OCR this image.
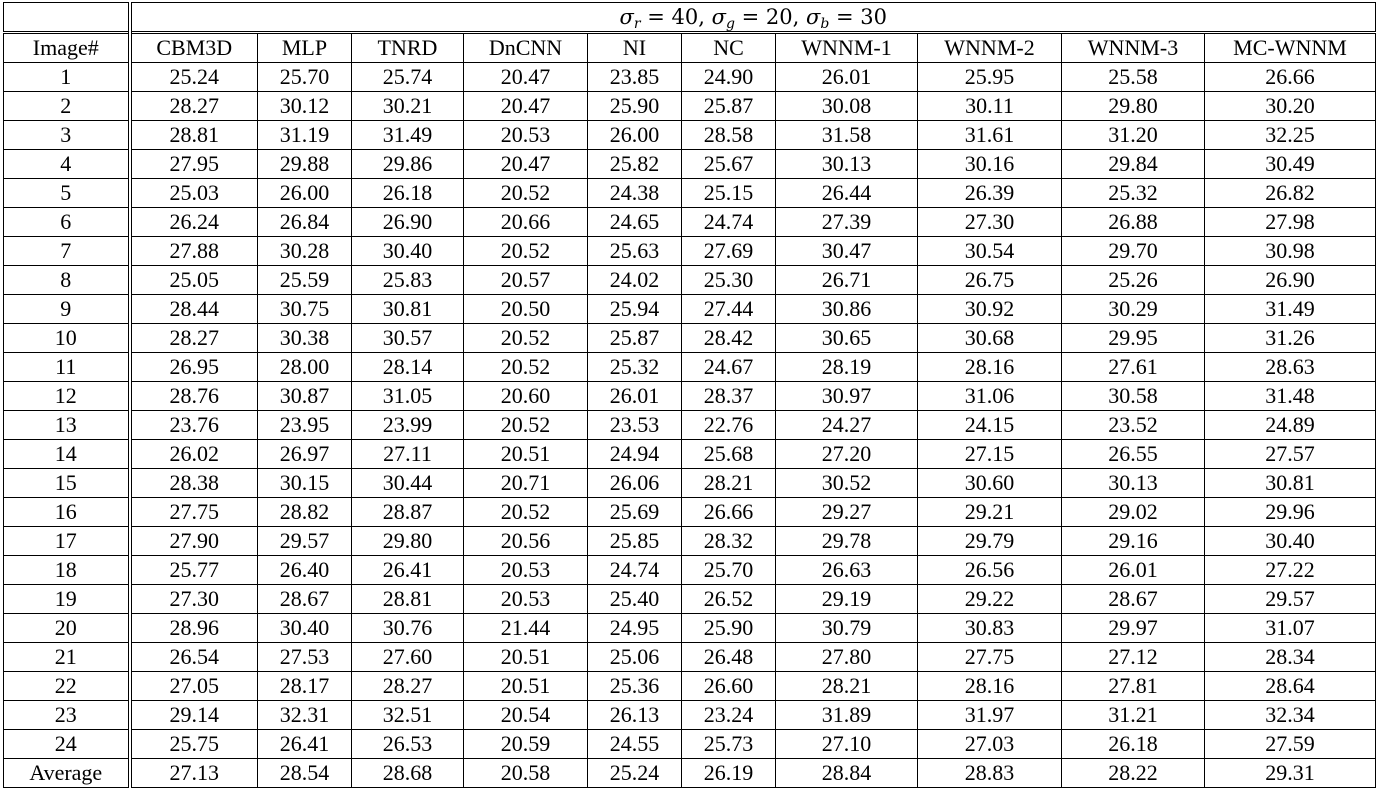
	$\sigma_r = 40$, $\sigma_g = 20$, $\sigma_b = 30$									
Image#	CBM3D	MLP	TNRD	DnCNN	NI	NC	WNNM-1	WNNM-2	WNNM-3	MC-WNNM
1	25.24	25.70	25.74	20.47	23.85	24.90	26.01	25.95	25.58	26.66
2	28.27	30.12	30.21	20.47	25.90	25.87	30.08	30.11	29.80	30.20
3	28.81	31.19	31.49	20.53	26.00	28.58	31.58	31.61	31.20	32.25
4	27.95	29.88	29.86	20.47	25.82	25.67	30.13	30.16	29.84	30.49
5	25.03	26.00	26.18	20.52	24.38	25.15	26.44	26.39	25.32	26.82
6	26.24	26.84	26.90	20.66	24.65	24.74	27.39	27.30	26.88	27.98
7	27.88	30.28	30.40	20.52	25.63	27.69	30.47	30.54	29.70	30.98
8	25.05	25.59	25.83	20.57	24.02	25.30	26.71	26.75	25.26	26.90
9	28.44	30.75	30.81	20.50	25.94	27.44	30.86	30.92	30.29	31.49
10	28.27	30.38	30.57	20.52	25.87	28.42	30.65	30.68	29.95	31.26
11	26.95	28.00	28.14	20.52	25.32	24.67	28.19	28.16	27.61	28.63
12	28.76	30.87	31.05	20.60	26.01	28.37	30.97	31.06	30.58	31.48
13	23.76	23.95	23.99	20.52	23.53	22.76	24.27	24.15	23.52	24.89
14	26.02	26.97	27.11	20.51	24.94	25.68	27.20	27.15	26.55	27.57
15	28.38	30.15	30.44	20.71	26.06	28.21	30.52	30.60	30.13	30.81
16	27.75	28.82	28.87	20.52	25.69	26.66	29.27	29.21	29.02	29.96
17	27.90	29.57	29.80	20.56	25.85	28.32	29.78	29.79	29.16	30.40
18	25.77	26.40	26.41	20.53	24.74	25.70	26.63	26.56	26.01	27.22
19	27.30	28.67	28.81	20.53	25.40	26.52	29.19	29.22	28.67	29.57
20	28.96	30.40	30.76	21.44	24.95	25.90	30.79	30.83	29.97	31.07
21	26.54	27.53	27.60	20.51	25.06	26.48	27.80	27.75	27.12	28.34
22	27.05	28.17	28.27	20.51	25.36	26.60	28.21	28.16	27.81	28.64
23	29.14	32.31	32.51	20.54	26.13	23.24	31.89	31.97	31.21	32.34
24	25.75	26.41	26.53	20.59	24.55	25.73	27.10	27.03	26.18	27.59
Average	27.13	28.54	28.68	20.58	25.24	26.19	28.84	28.83	28.22	29.31
